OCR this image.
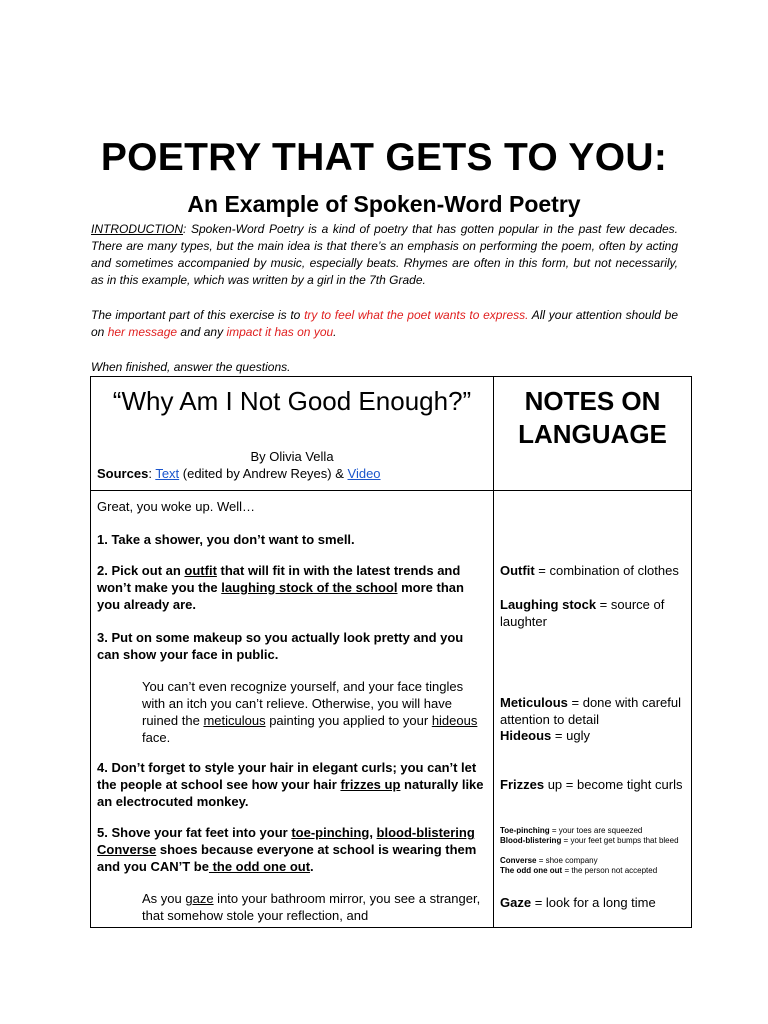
POETRY THAT GETS TO YOU:
An Example of Spoken-Word Poetry

INTRODUCTION: Spoken-Word Poetry is a kind of poetry that has gotten popular in the past few decades. There are many types, but the main idea is that there’s an emphasis on performing the poem, often by acting and sometimes accompanied by music, especially beats. Rhymes are often in this form, but not necessarily, as in this example, which was written by a girl in the 7th Grade.

The important part of this exercise is to try to feel what the poet wants to express. All your attention should be on her message and any impact it has on you.

When finished, answer the questions.

“Why Am I Not Good Enough?”
By Olivia Vella
Sources: Text (edited by Andrew Reyes) & Video
NOTES ON LANGUAGE
Great, you woke up. Well…
1. Take a shower, you don’t want to smell.
2. Pick out an outfit that will fit in with the latest trends and won’t make you the laughing stock of the school more than you already are.
3. Put on some makeup so you actually look pretty and you can show your face in public.
You can’t even recognize yourself, and your face tingles with an itch you can’t relieve. Otherwise, you will have ruined the meticulous painting you applied to your hideous face.
4. Don’t forget to style your hair in elegant curls; you can’t let the people at school see how your hair frizzes up naturally like an electrocuted monkey.
5. Shove your fat feet into your toe-pinching, blood-blistering Converse shoes because everyone at school is wearing them and you CAN’T be the odd one out.
As you gaze into your bathroom mirror, you see a stranger, that somehow stole your reflection, and
Outfit = combination of clothes
Laughing stock = source of laughter
Meticulous = done with careful attention to detail
Hideous = ugly
Frizzes up = become tight curls
Toe-pinching = your toes are squeezed
Blood-blistering = your feet get bumps that bleed
Converse = shoe company
The odd one out = the person not accepted
Gaze = look for a long time
